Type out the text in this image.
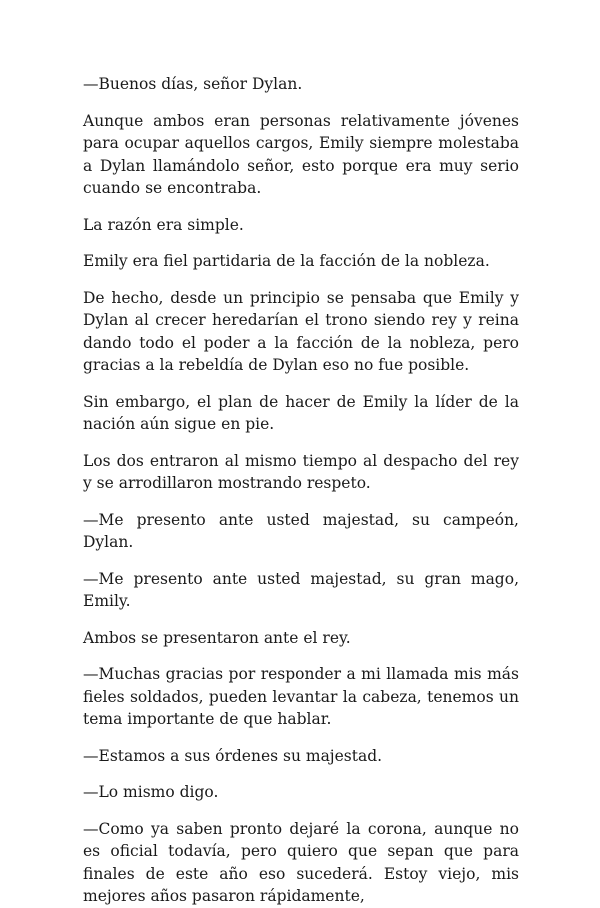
—Buenos días, señor Dylan.

Aunque ambos eran personas relativamente jóvenes para ocupar aquellos cargos, Emily siempre molestaba a Dylan llamándolo señor, esto porque era muy serio cuando se encontraba.

La razón era simple.

Emily era fiel partidaria de la facción de la nobleza.

De hecho, desde un principio se pensaba que Emily y Dylan al crecer heredarían el trono siendo rey y reina dando todo el poder a la facción de la nobleza, pero gracias a la rebeldía de Dylan eso no fue posible.

Sin embargo, el plan de hacer de Emily la líder de la nación aún sigue en pie.

Los dos entraron al mismo tiempo al despacho del rey y se arrodillaron mostrando respeto.

—Me presento ante usted majestad, su campeón, Dylan.

—Me presento ante usted majestad, su gran mago, Emily.

Ambos se presentaron ante el rey.

—Muchas gracias por responder a mi llamada mis más fieles soldados, pueden levantar la cabeza, tenemos un tema importante de que hablar.

—Estamos a sus órdenes su majestad.

—Lo mismo digo.

—Como ya saben pronto dejaré la corona, aunque no es oficial todavía, pero quiero que sepan que para finales de este año eso sucederá. Estoy viejo, mis mejores años pasaron rápidamente,
